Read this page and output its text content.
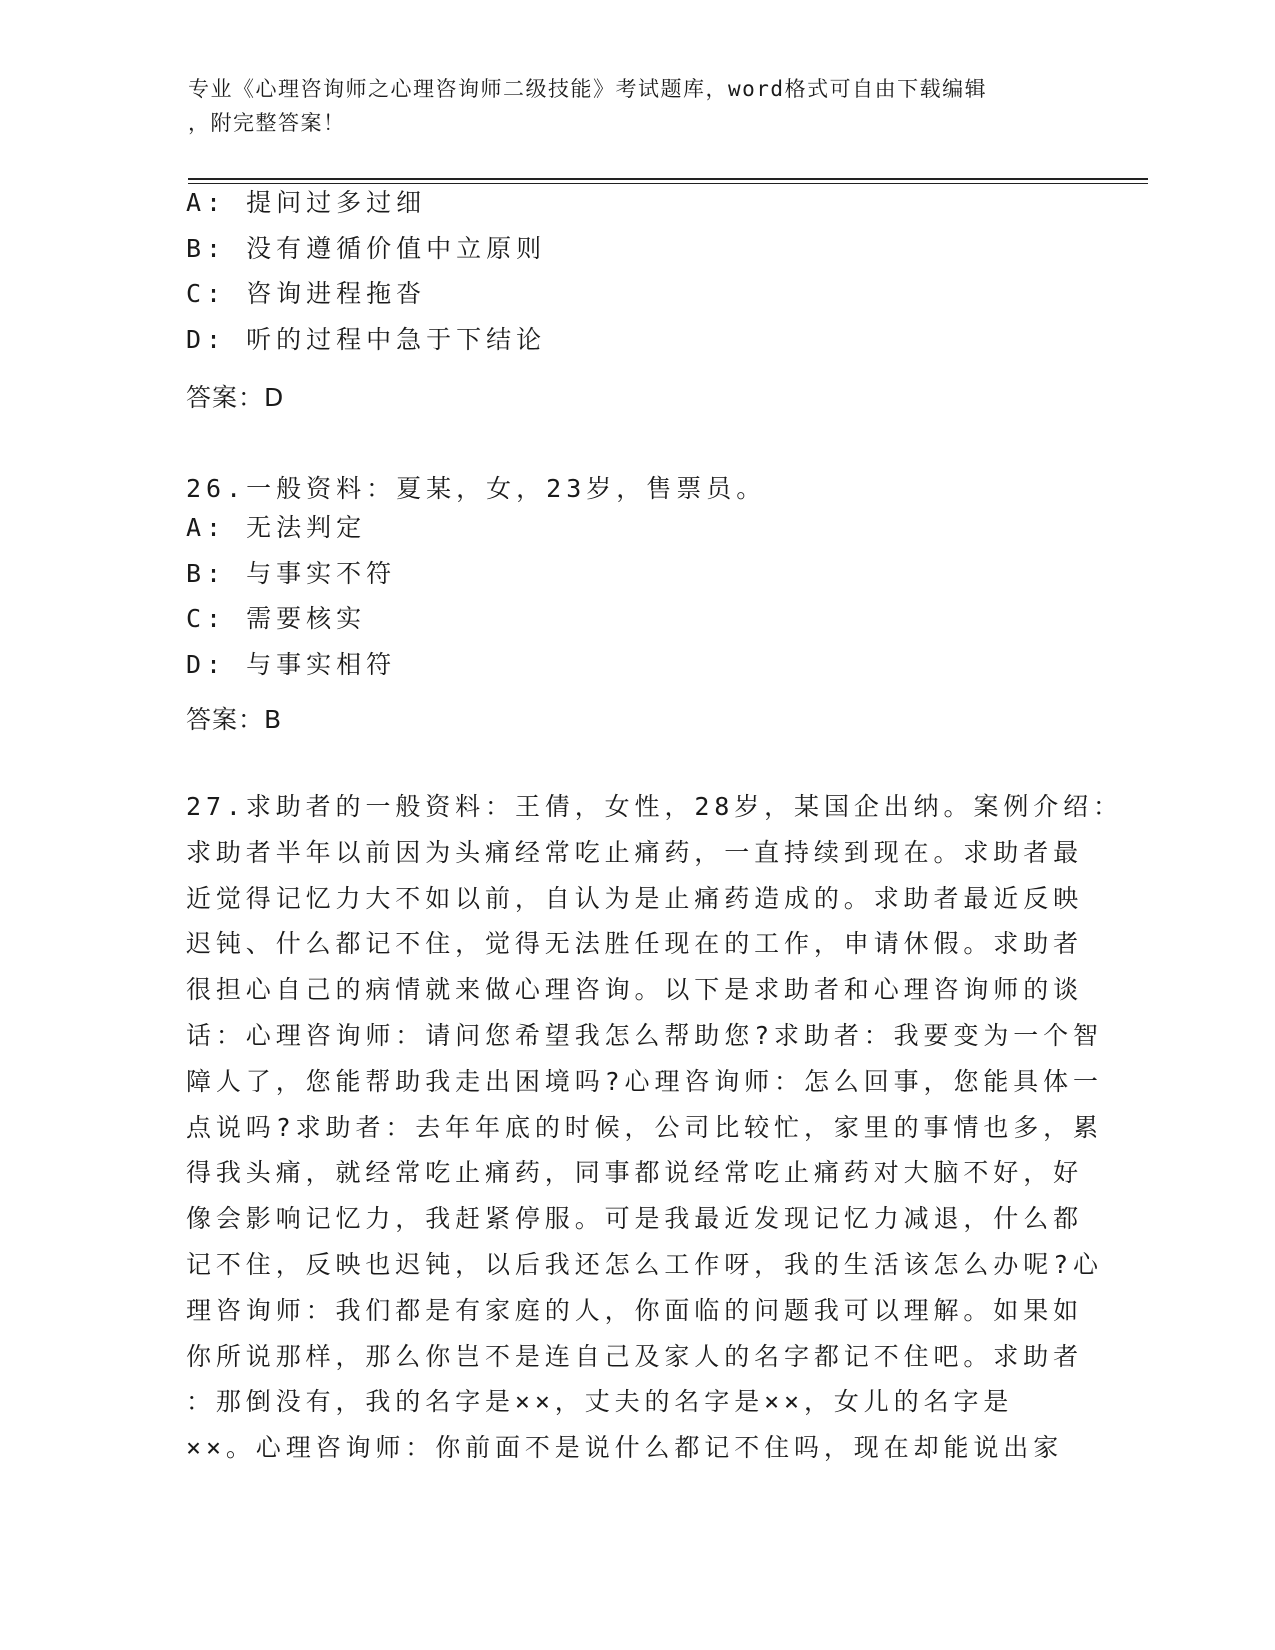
专业《心理咨询师之心理咨询师二级技能》考试题库，word格式可自由下载编辑
，附完整答案！
A: 提问过多过细
B: 没有遵循价值中立原则
C: 咨询进程拖沓
D: 听的过程中急于下结论
答案：D
26.一般资料：夏某，女，23岁，售票员。
A: 无法判定
B: 与事实不符
C: 需要核实
D: 与事实相符
答案：B
27.求助者的一般资料：王倩，女性，28岁，某国企出纳。案例介绍：
求助者半年以前因为头痛经常吃止痛药，一直持续到现在。求助者最
近觉得记忆力大不如以前，自认为是止痛药造成的。求助者最近反映
迟钝、什么都记不住，觉得无法胜任现在的工作，申请休假。求助者
很担心自己的病情就来做心理咨询。以下是求助者和心理咨询师的谈
话：心理咨询师：请问您希望我怎么帮助您?求助者：我要变为一个智
障人了，您能帮助我走出困境吗?心理咨询师：怎么回事，您能具体一
点说吗?求助者：去年年底的时候，公司比较忙，家里的事情也多，累
得我头痛，就经常吃止痛药，同事都说经常吃止痛药对大脑不好，好
像会影响记忆力，我赶紧停服。可是我最近发现记忆力减退，什么都
记不住，反映也迟钝，以后我还怎么工作呀，我的生活该怎么办呢?心
理咨询师：我们都是有家庭的人，你面临的问题我可以理解。如果如
你所说那样，那么你岂不是连自己及家人的名字都记不住吧。求助者
：那倒没有，我的名字是××，丈夫的名字是××，女儿的名字是
××。心理咨询师：你前面不是说什么都记不住吗，现在却能说出家
